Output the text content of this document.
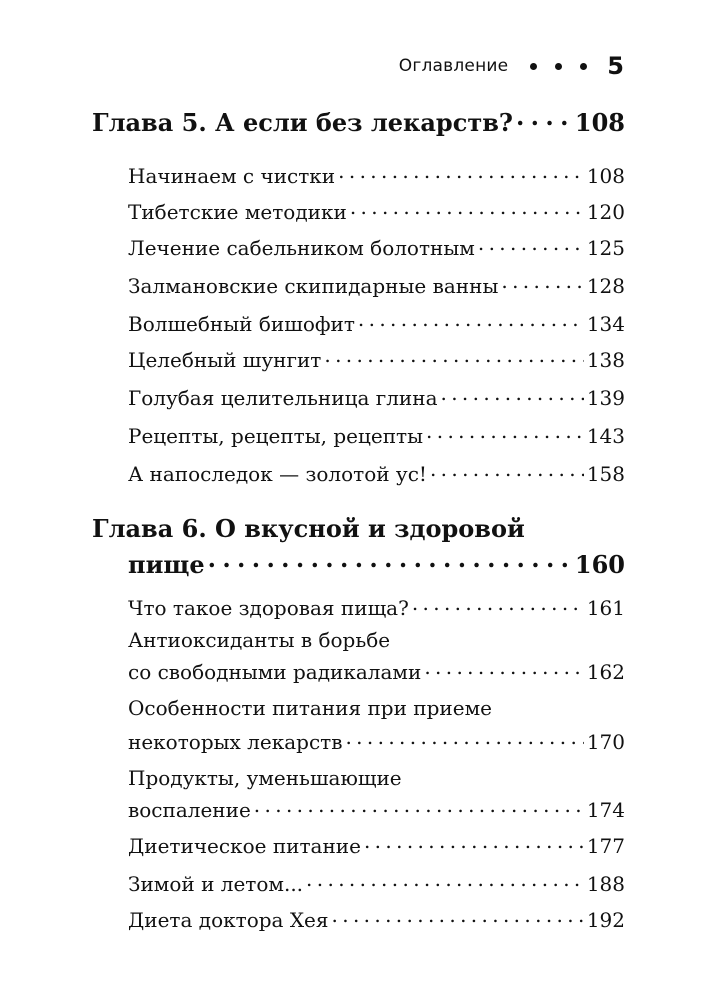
Оглавление	5
Глава 5. А если без лекарств? . . .	108
Начинаем с чистки . . .	108
Тибетские методики . . .	120
Лечение сабельником болотным . . .	125
Залмановские скипидарные ванны . . .	128
Волшебный бишофит . . .	134
Целебный шунгит . . .	138
Голубая целительница глина . . .	139
Рецепты, рецепты, рецепты . . .	143
А напоследок — золотой ус! . . .	158
Глава 6. О вкусной и здоровой
пище . . .	160
Что такое здоровая пища? . . .	161
Антиоксиданты в борьбе
со свободными радикалами . . .	162
Особенности питания при приеме
некоторых лекарств . . .	170
Продукты, уменьшающие
воспаление . . .	174
Диетическое питание . . .	177
Зимой и летом... . . .	188
Диета доктора Хея . . .	192
